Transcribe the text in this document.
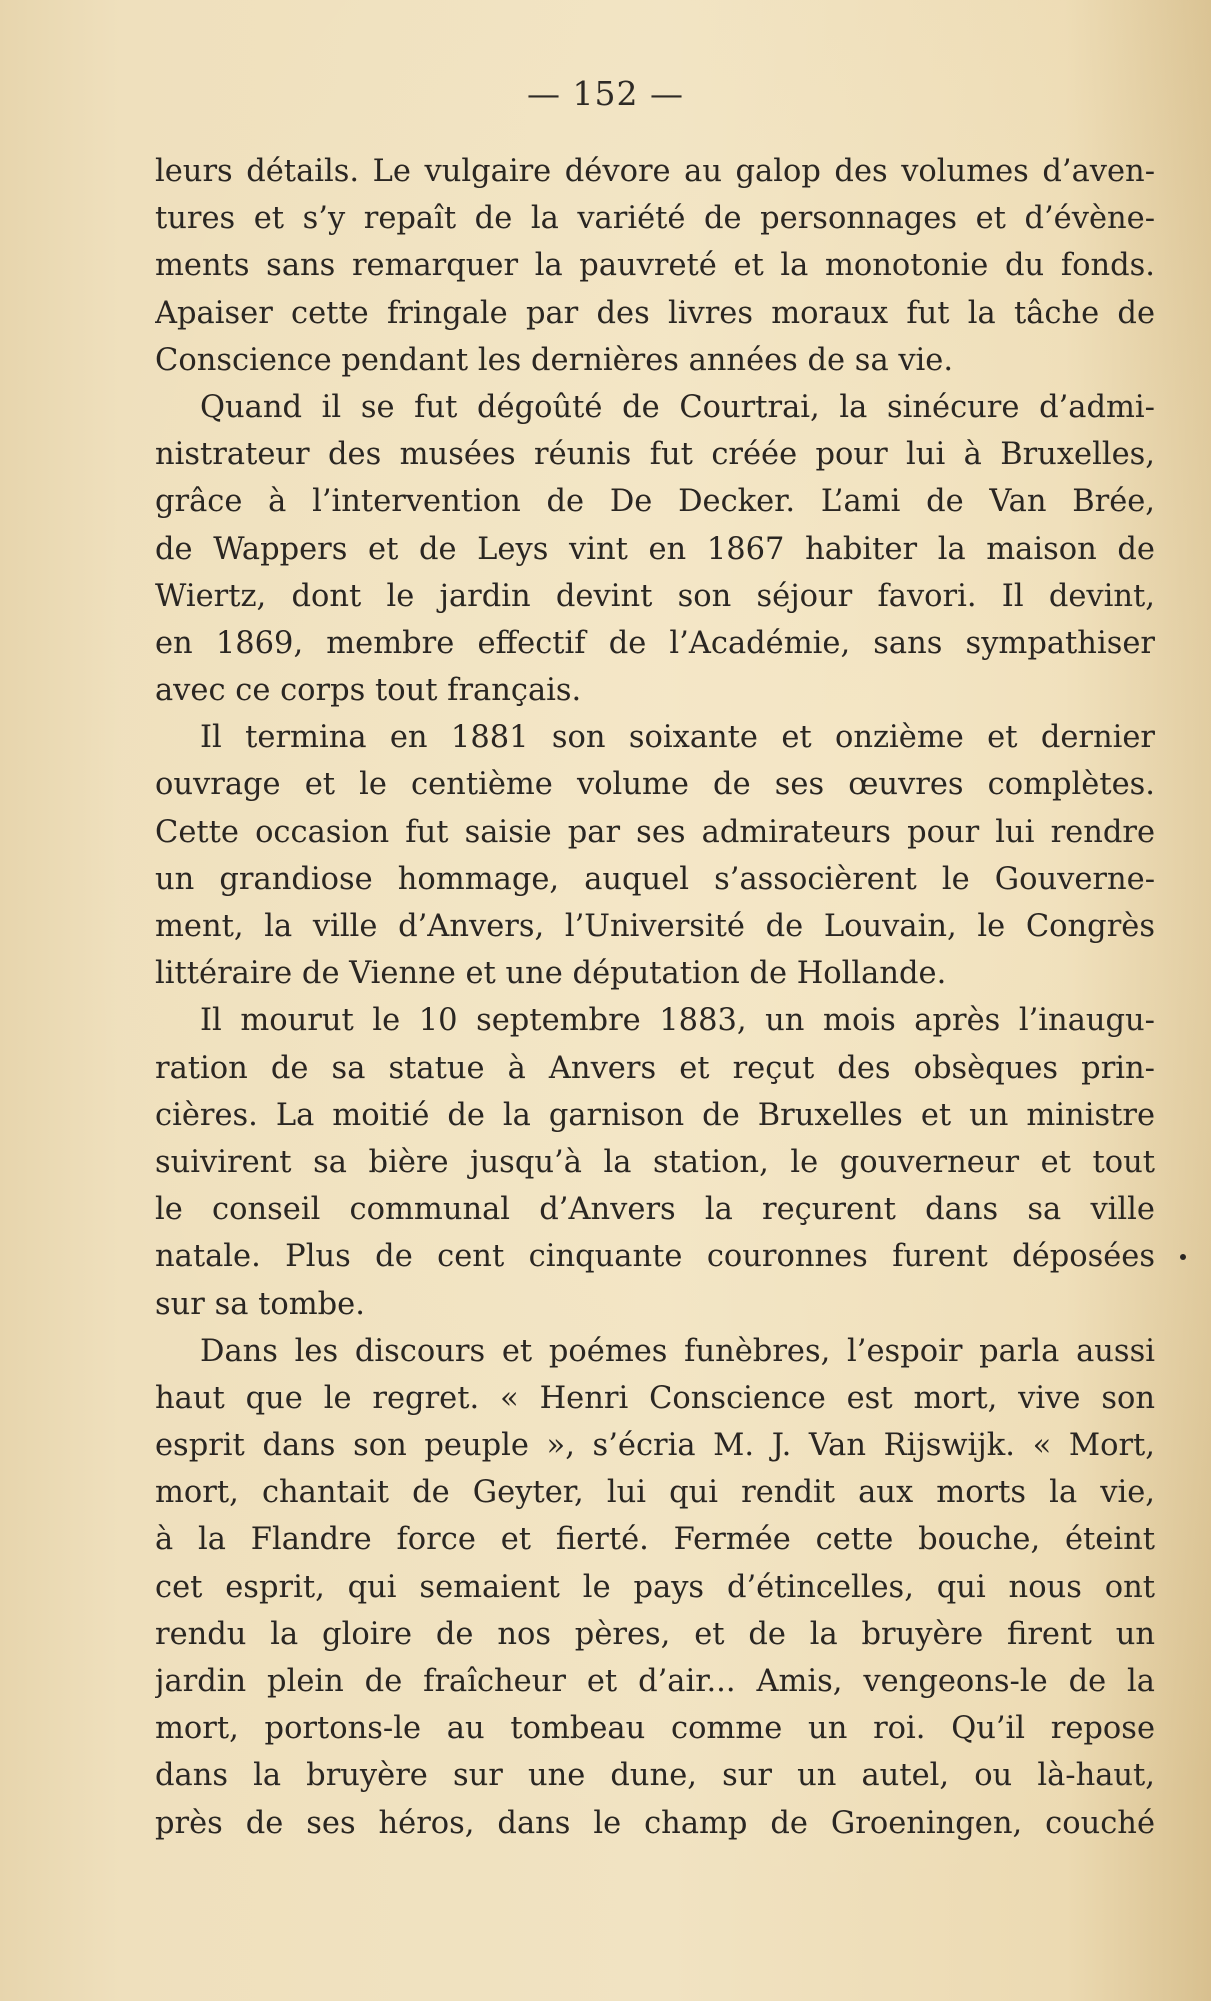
— 152 —
leurs détails. Le vulgaire dévore au galop des volumes d’aven-
tures et s’y repaît de la variété de personnages et d’évène-
ments sans remarquer la pauvreté et la monotonie du fonds.
Apaiser cette fringale par des livres moraux fut la tâche de
Conscience pendant les dernières années de sa vie.
Quand il se fut dégoûté de Courtrai, la sinécure d’admi-
nistrateur des musées réunis fut créée pour lui à Bruxelles,
grâce à l’intervention de De Decker. L’ami de Van Brée,
de Wappers et de Leys vint en 1867 habiter la maison de
Wiertz, dont le jardin devint son séjour favori. Il devint,
en 1869, membre effectif de l’Académie, sans sympathiser
avec ce corps tout français.
Il termina en 1881 son soixante et onzième et dernier
ouvrage et le centième volume de ses œuvres complètes.
Cette occasion fut saisie par ses admirateurs pour lui rendre
un grandiose hommage, auquel s’associèrent le Gouverne-
ment, la ville d’Anvers, l’Université de Louvain, le Congrès
littéraire de Vienne et une députation de Hollande.
Il mourut le 10 septembre 1883, un mois après l’inaugu-
ration de sa statue à Anvers et reçut des obsèques prin-
cières. La moitié de la garnison de Bruxelles et un ministre
suivirent sa bière jusqu’à la station, le gouverneur et tout
le conseil communal d’Anvers la reçurent dans sa ville
natale. Plus de cent cinquante couronnes furent déposées
sur sa tombe.
Dans les discours et poémes funèbres, l’espoir parla aussi
haut que le regret. « Henri Conscience est mort, vive son
esprit dans son peuple », s’écria M. J. Van Rijswijk. « Mort,
mort, chantait de Geyter, lui qui rendit aux morts la vie,
à la Flandre force et fierté. Fermée cette bouche, éteint
cet esprit, qui semaient le pays d’étincelles, qui nous ont
rendu la gloire de nos pères, et de la bruyère firent un
jardin plein de fraîcheur et d’air... Amis, vengeons-le de la
mort, portons-le au tombeau comme un roi. Qu’il repose
dans la bruyère sur une dune, sur un autel, ou là-haut,
près de ses héros, dans le champ de Groeningen, couché
